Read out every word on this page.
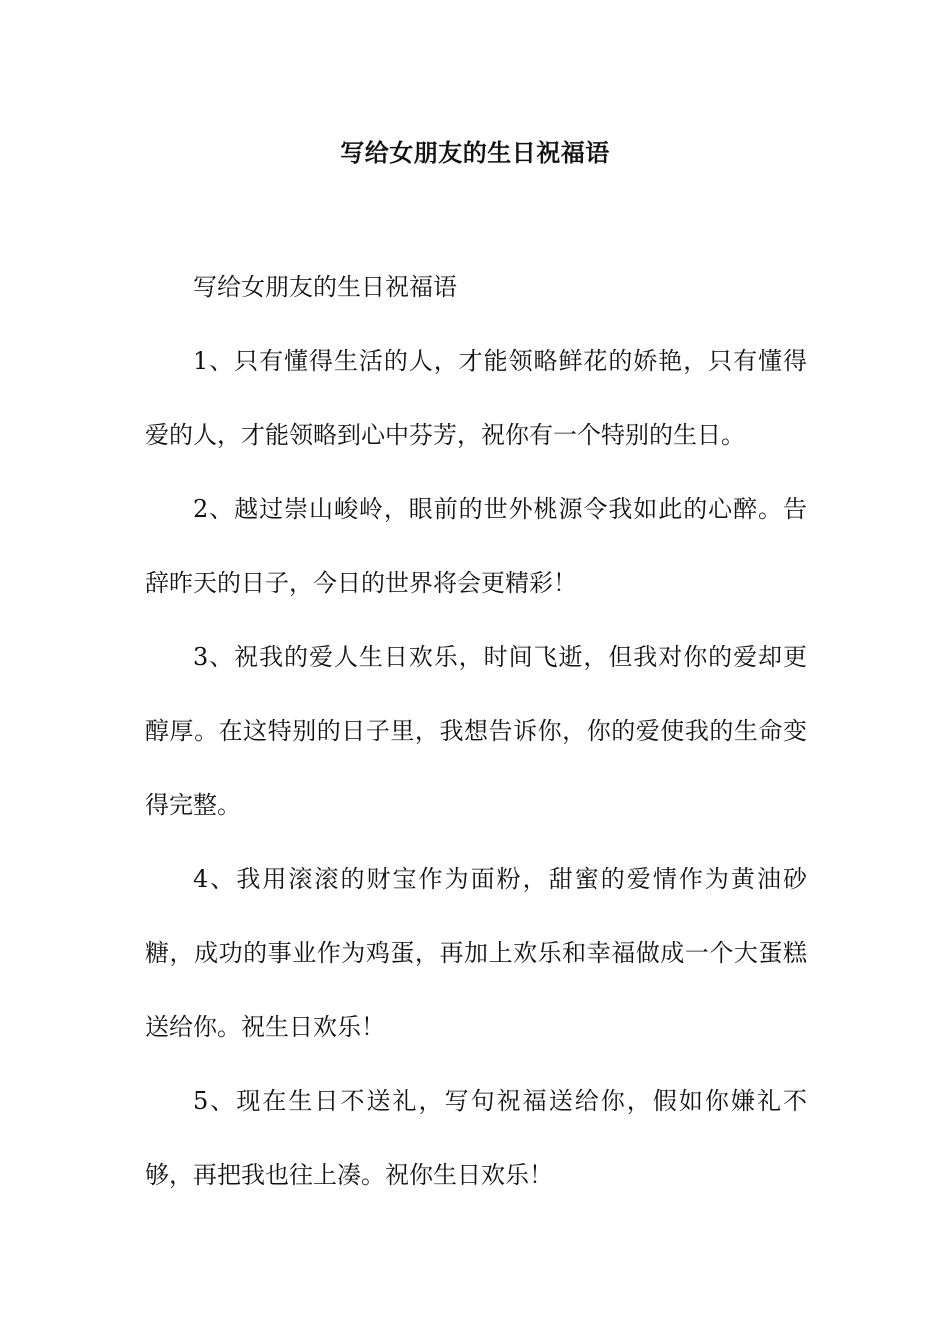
写给女朋友的生日祝福语

写给女朋友的生日祝福语

1、只有懂得生活的人，才能领略鲜花的娇艳，只有懂得爱的人，才能领略到心中芬芳，祝你有一个特别的生日。

2、越过崇山峻岭，眼前的世外桃源令我如此的心醉。告辞昨天的日子，今日的世界将会更精彩！

3、祝我的爱人生日欢乐，时间飞逝，但我对你的爱却更醇厚。在这特别的日子里，我想告诉你，你的爱使我的生命变得完整。

4、我用滚滚的财宝作为面粉，甜蜜的爱情作为黄油砂糖，成功的事业作为鸡蛋，再加上欢乐和幸福做成一个大蛋糕送给你。祝生日欢乐！

5、现在生日不送礼，写句祝福送给你，假如你嫌礼不够，再把我也往上凑。祝你生日欢乐！
